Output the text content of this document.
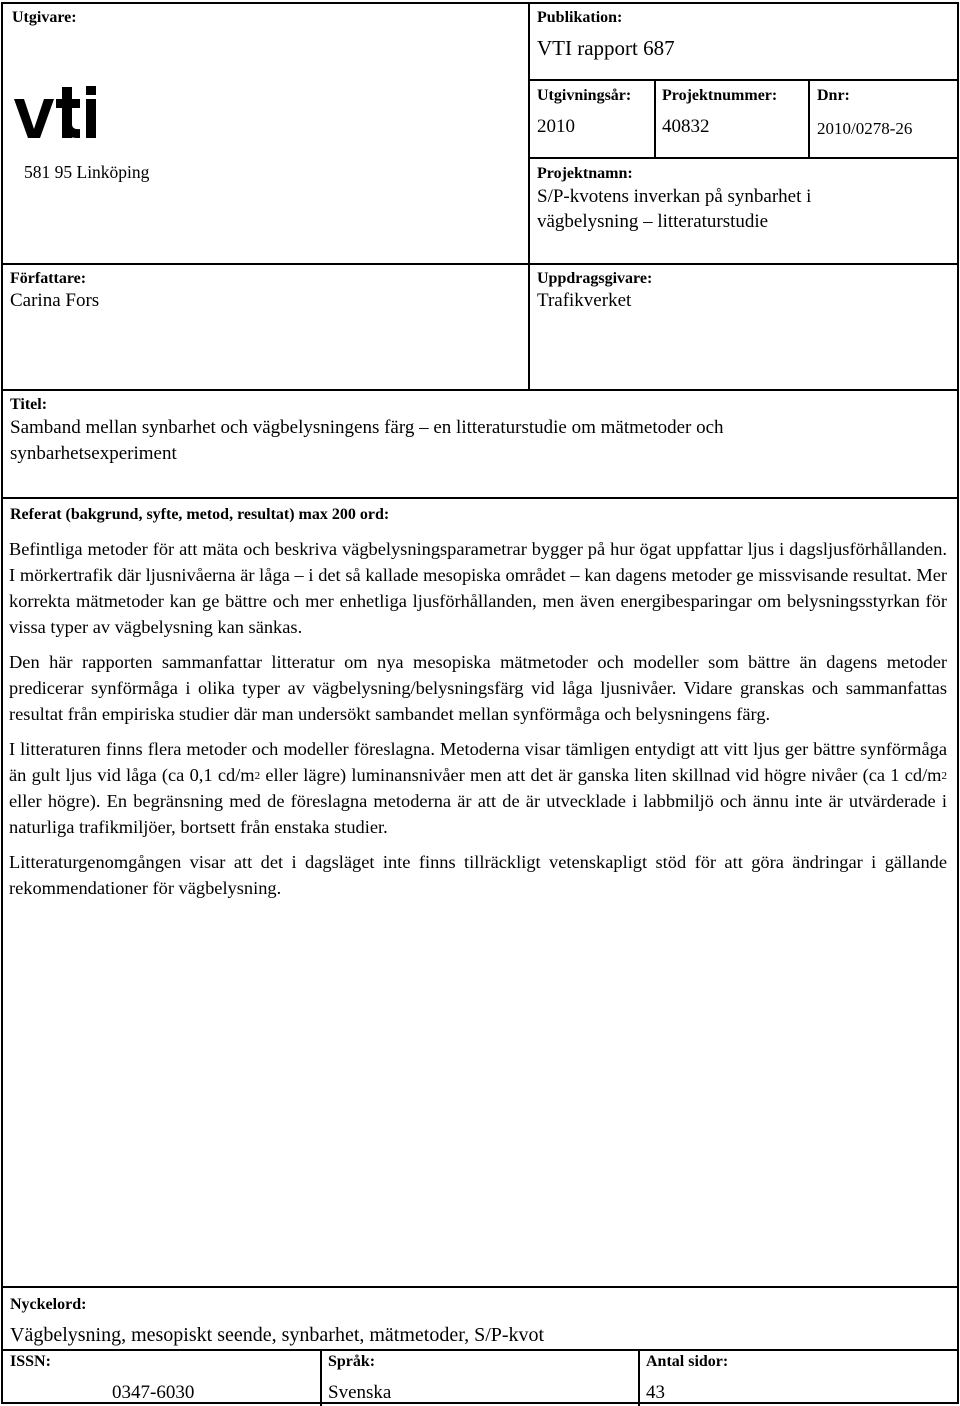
Utgivare:
581 95 Linköping
Publikation:
VTI rapport 687
Utgivningsår:
2010
Projektnummer:
40832
Dnr:
2010/0278-26
Projektnamn:
S/P-kvotens inverkan på synbarhet i
vägbelysning – litteraturstudie
Författare:
Carina Fors
Uppdragsgivare:
Trafikverket
Titel:
Samband mellan synbarhet och vägbelysningens färg – en litteraturstudie om mätmetoder och
synbarhetsexperiment
Referat (bakgrund, syfte, metod, resultat) max 200 ord:

Befintliga metoder för att mäta och beskriva vägbelysningsparametrar bygger på hur ögat uppfattar ljus i dagsljusförhållanden. I mörkertrafik där ljusnivåerna är låga – i det så kallade mesopiska området – kan dagens metoder ge missvisande resultat. Mer korrekta mätmetoder kan ge bättre och mer enhetliga ljusförhållanden, men även energibesparingar om belysningsstyrkan för vissa typer av vägbelysning kan sänkas.

Den här rapporten sammanfattar litteratur om nya mesopiska mätmetoder och modeller som bättre än dagens metoder predicerar synförmåga i olika typer av vägbelysning/belysningsfärg vid låga ljusnivåer. Vidare granskas och sammanfattas resultat från empiriska studier där man undersökt sambandet mellan synförmåga och belysningens färg.

I litteraturen finns flera metoder och modeller föreslagna. Metoderna visar tämligen entydigt att vitt ljus ger bättre synförmåga än gult ljus vid låga (ca 0,1 $cd/m^2$ eller lägre) luminansnivåer men att det är ganska liten skillnad vid högre nivåer (ca 1 $cd/m^2$ eller högre). En begränsning med de föreslagna metoderna är att de är utvecklade i labbmiljö och ännu inte är utvärderade i naturliga trafikmiljöer, bortsett från enstaka studier.

Litteraturgenomgången visar att det i dagsläget inte finns tillräckligt vetenskapligt stöd för att göra ändringar i gällande rekommendationer för vägbelysning.

Nyckelord:
Vägbelysning, mesopiskt seende, synbarhet, mätmetoder, S/P-kvot
ISSN:
0347-6030
Språk:
Svenska
Antal sidor:
43
